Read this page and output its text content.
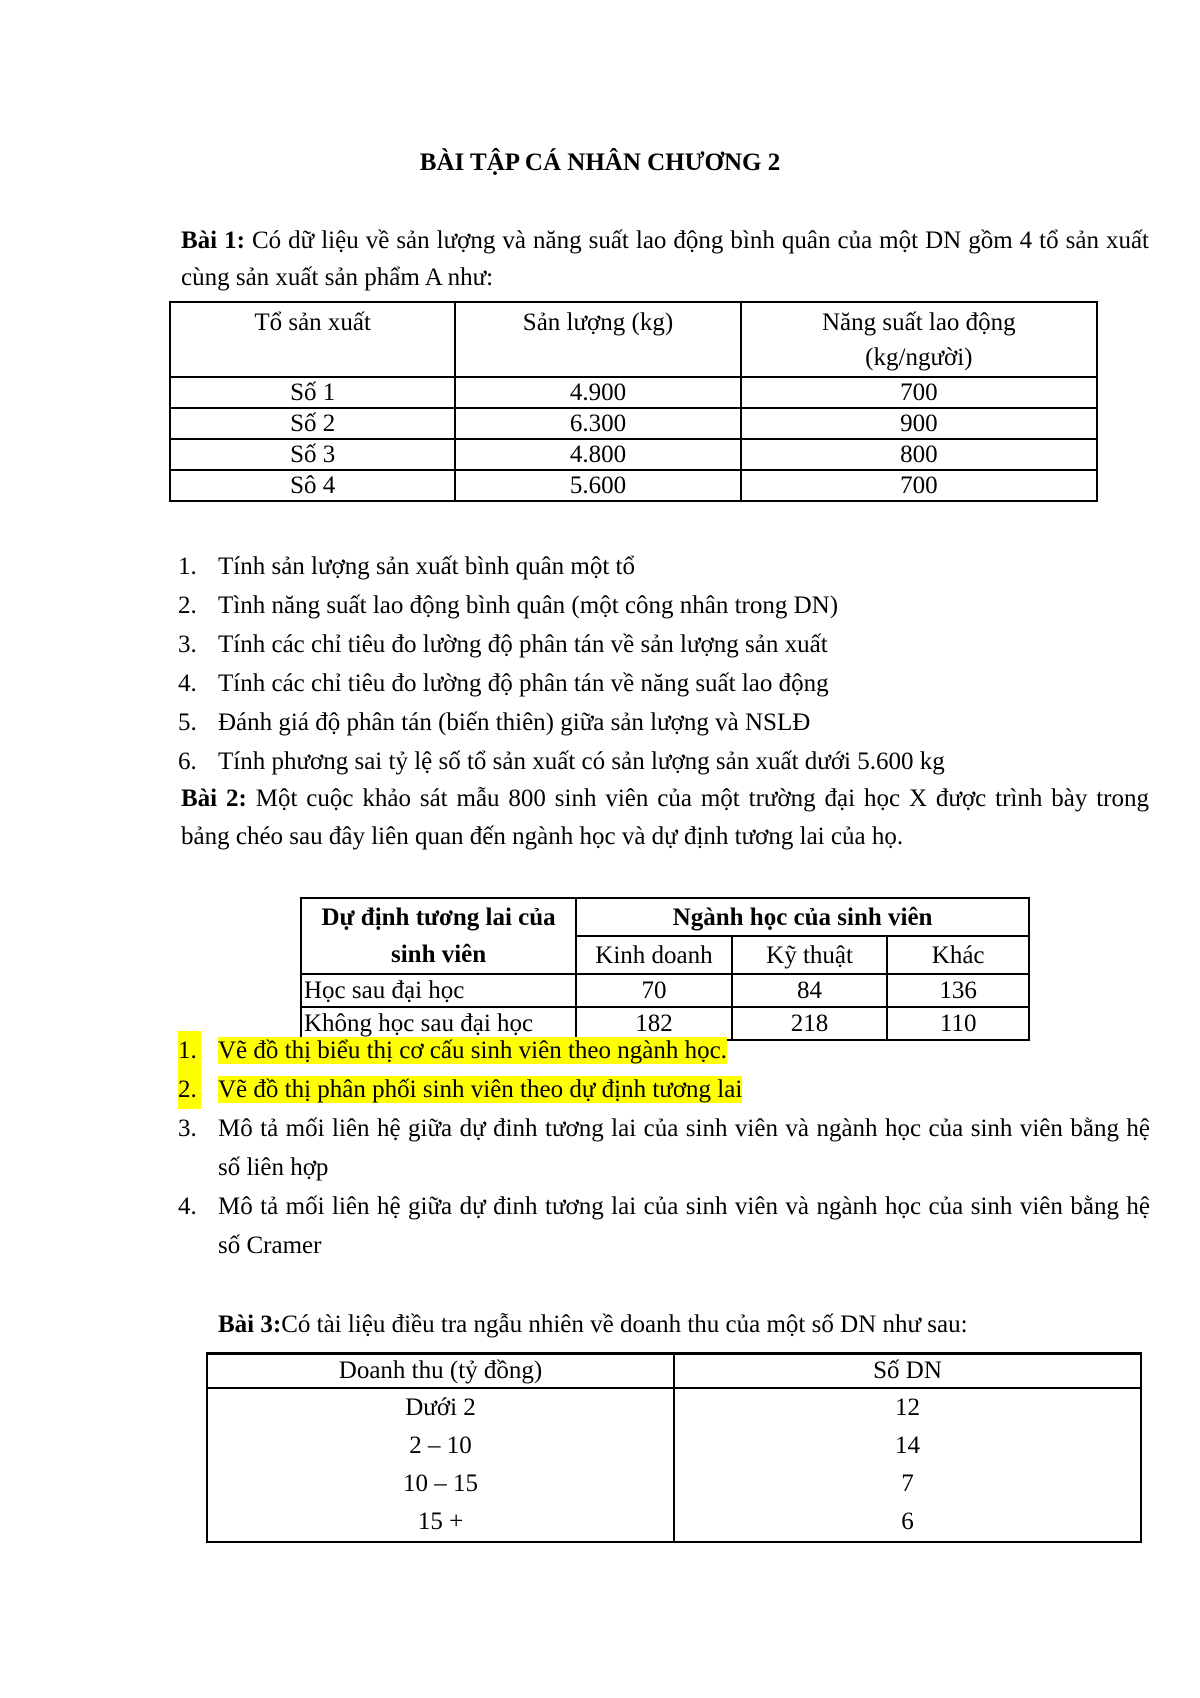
BÀI TẬP CÁ NHÂN CHƯƠNG 2
Bài 1: Có dữ liệu về sản lượng và năng suất lao động bình quân của một DN gồm 4 tổ sản xuất cùng sản xuất sản phẩm A như:
Tổ sản xuất	Sản lượng (kg)	Năng suất lao động
(kg/người)
Số 1	4.900	700
Số 2	6.300	900
Số 3	4.800	800
Sô 4	5.600	700
1. Tính sản lượng sản xuất bình quân một tổ
2. Tình năng suất lao động bình quân (một công nhân trong DN)
3. Tính các chỉ tiêu đo lường độ phân tán về sản lượng sản xuất
4. Tính các chỉ tiêu đo lường độ phân tán về năng suất lao động
5. Đánh giá độ phân tán (biến thiên) giữa sản lượng và NSLĐ
6. Tính phương sai tỷ lệ số tổ sản xuất có sản lượng sản xuất dưới 5.600 kg
Bài 2: Một cuộc khảo sát mẫu 800 sinh viên của một trường đại học X được trình bày trong bảng chéo sau đây liên quan đến ngành học và dự định tương lai của họ.
Dự định tương lai của sinh viên	Ngành học của sinh viên		
	Kinh doanh	Kỹ thuật	Khác
Học sau đại học	70	84	136
Không học sau đại học	182	218	110
1. Vẽ đồ thị biểu thị cơ cấu sinh viên theo ngành học.
2. Vẽ đồ thị phân phối sinh viên theo dự định tương lai
3. Mô tả mối liên hệ giữa dự đinh tương lai của sinh viên và ngành học của sinh viên bằng hệ số liên hợp
4. Mô tả mối liên hệ giữa dự đinh tương lai của sinh viên và ngành học của sinh viên bằng hệ số Cramer
Bài 3:Có tài liệu điều tra ngẫu nhiên về doanh thu của một số DN như sau:
Doanh thu (tỷ đồng)	Số DN
Dưới 2	12
2 – 10	14
10 – 15	7
15 +	6
